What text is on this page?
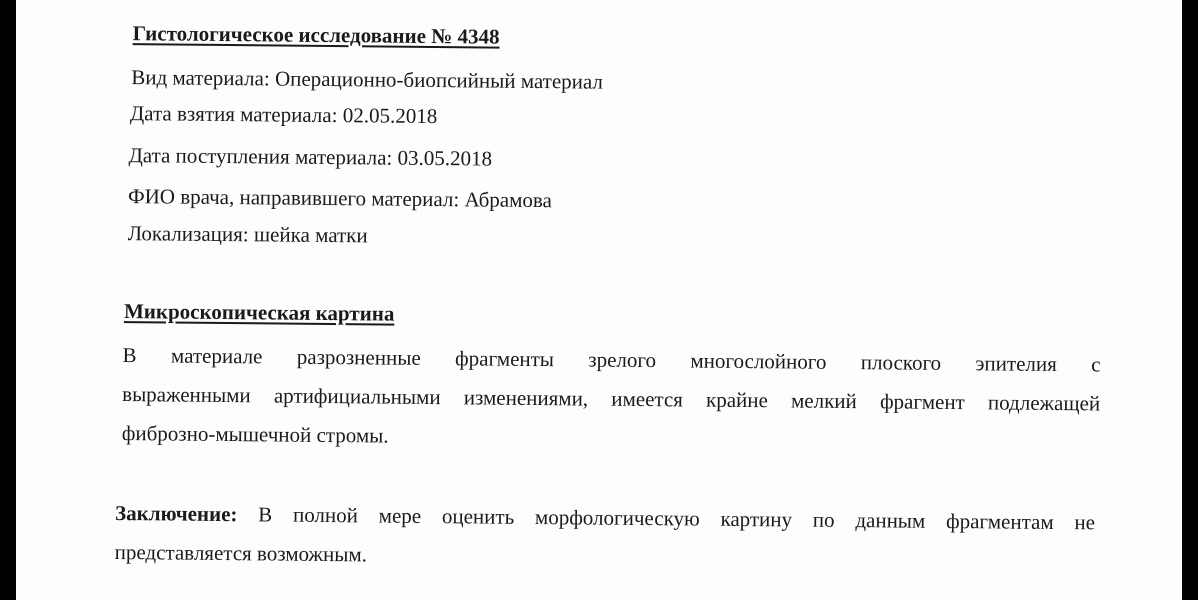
Гистологическое исследование № 4348
Вид материала: Операционно-биопсийный материал
Дата взятия материала: 02.05.2018
Дата поступления материала: 03.05.2018
ФИО врача, направившего материал: Абрамова
Локализация: шейка матки
Микроскопическая картина
В материале разрозненные фрагменты зрелого многослойного плоского эпителия с
выраженными артифициальными изменениями, имеется крайне мелкий фрагмент подлежащей
фиброзно-мышечной стромы.
Заключение: В полной мере оценить морфологическую картину по данным фрагментам не
представляется возможным.
